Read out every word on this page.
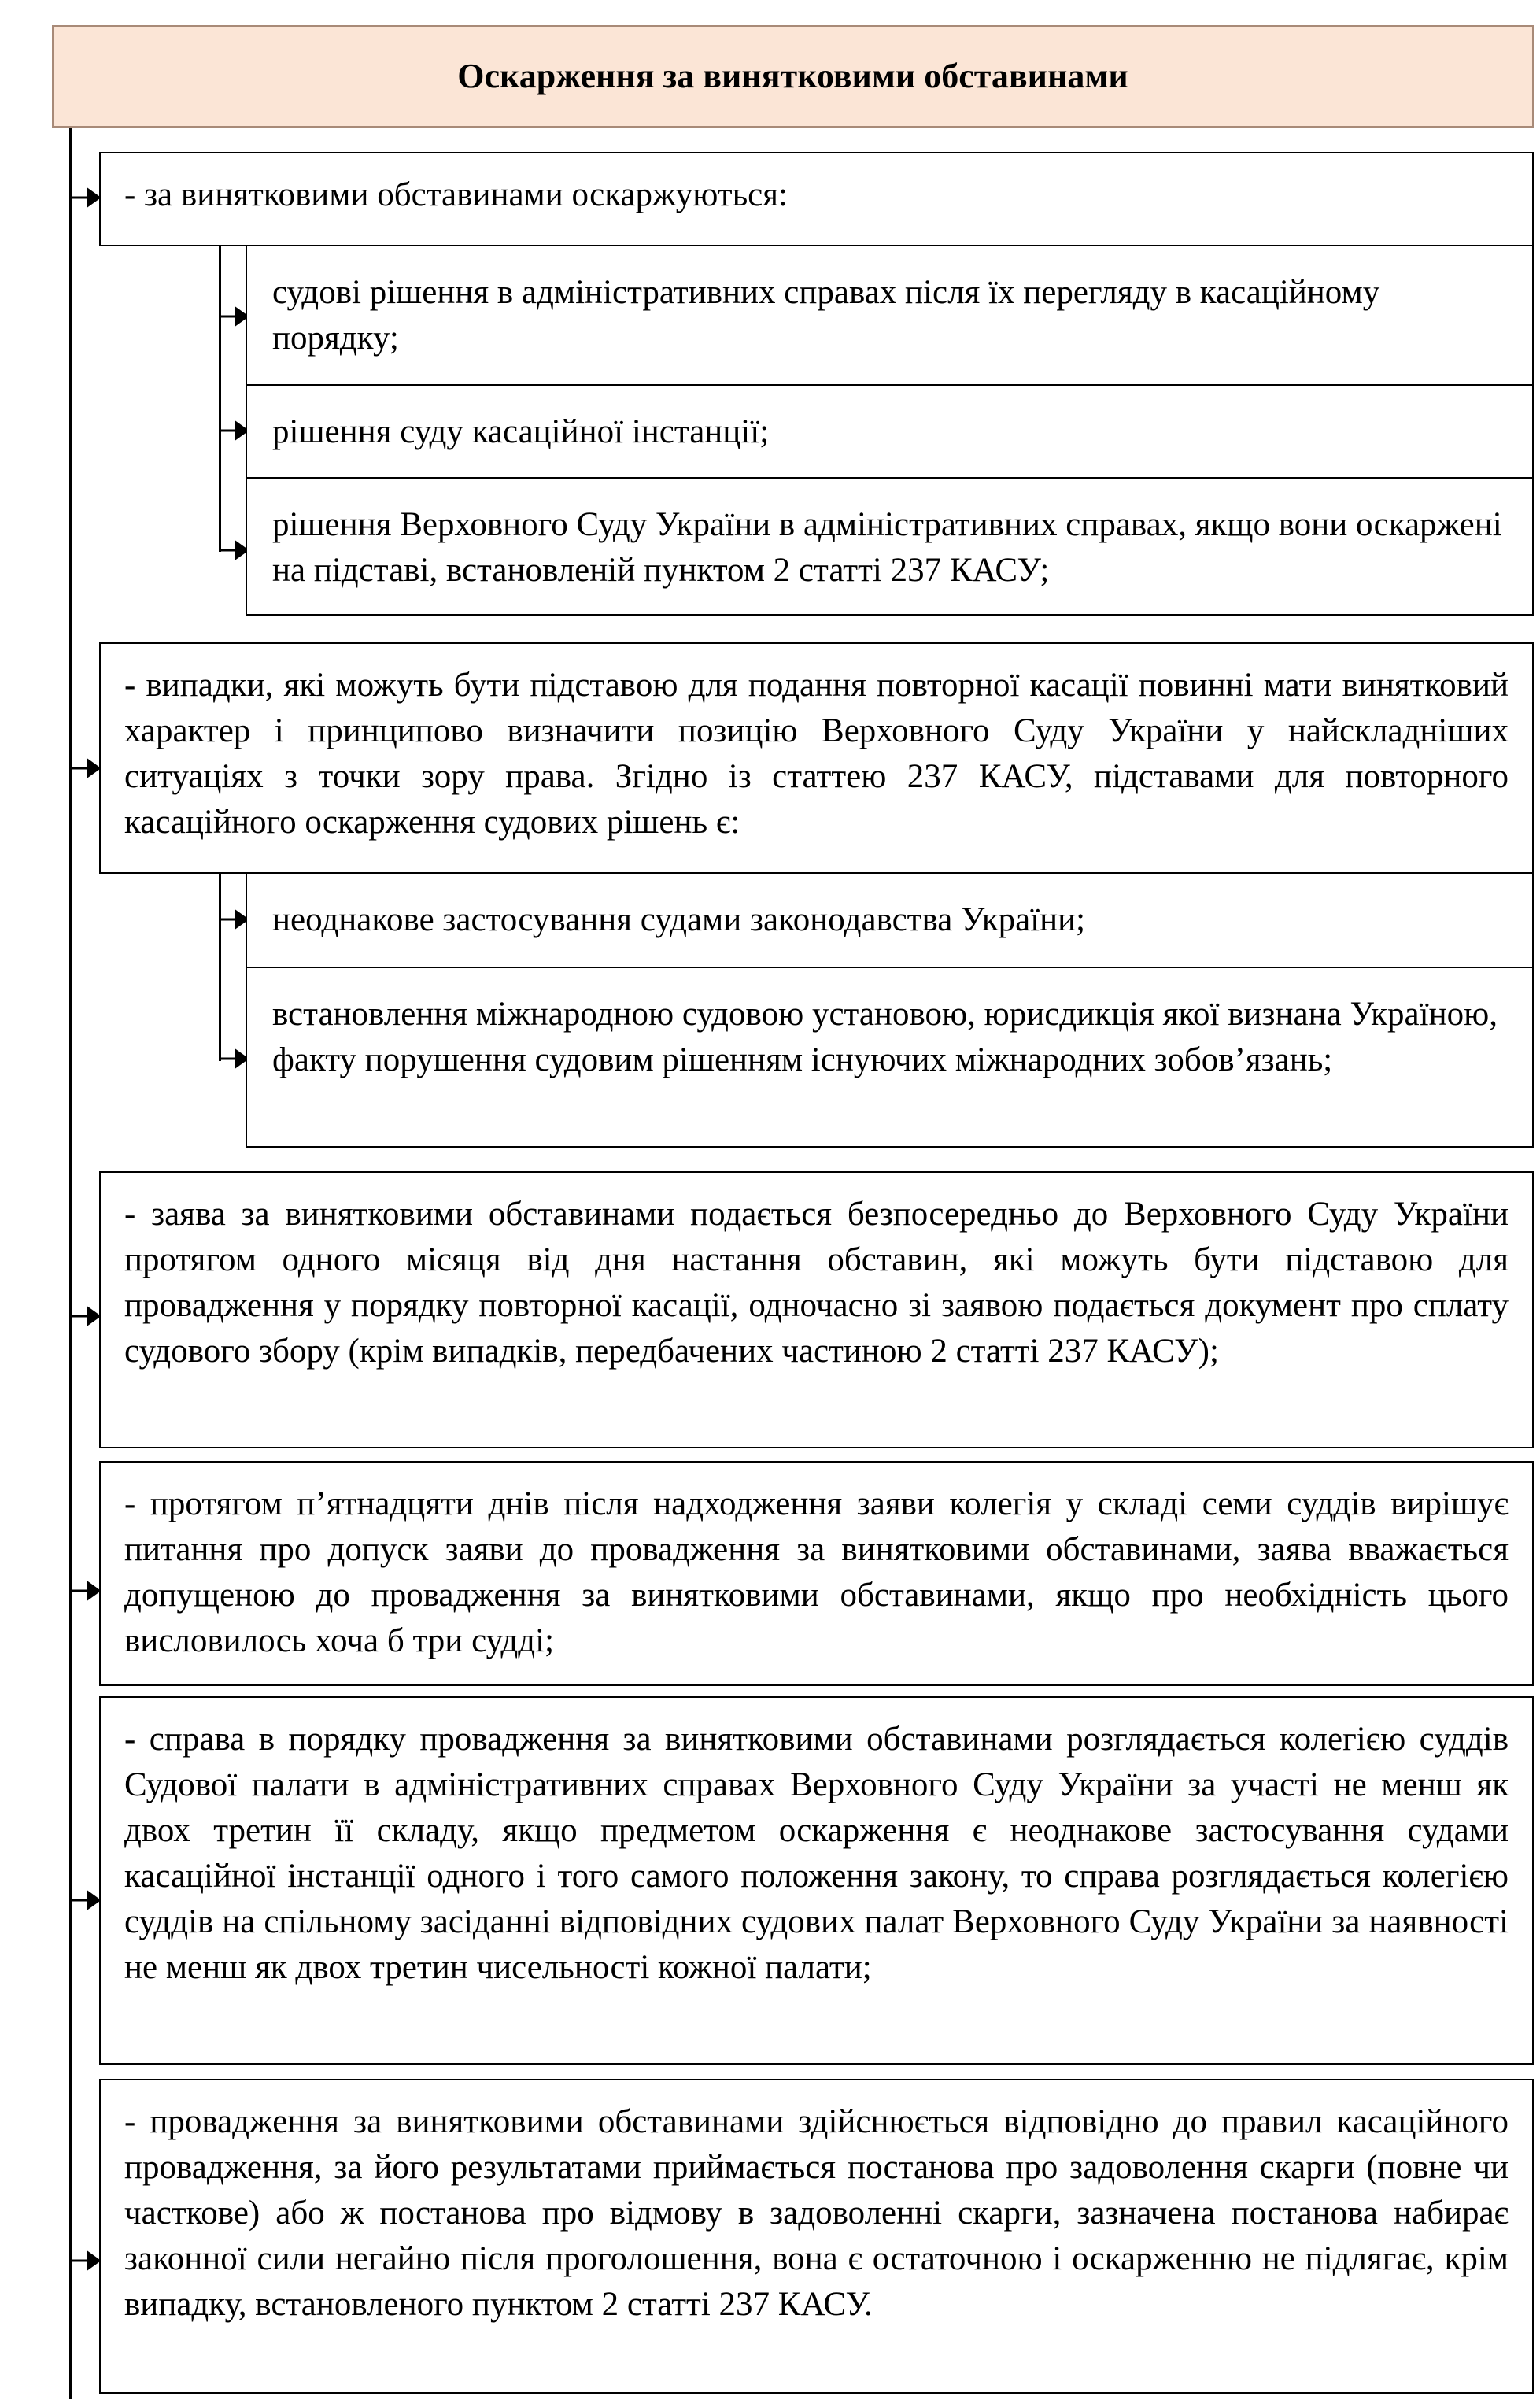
Оскарження за винятковими обставинами
- за винятковими обставинами оскаржуються:
судові рішення в адміністративних справах після їх перегляду в касаційному порядку;
рішення суду касаційної інстанції;
рішення Верховного Суду України в адміністративних справах, якщо вони оскаржені на підставі, встановленій пунктом 2 статті 237 КАСУ;
- випадки, які можуть бути підставою для подання повторної касації повинні мати винятковий характер і принципово визначити позицію Верховного Суду України у найскладніших ситуаціях з точки зору права. Згідно із статтею 237 КАСУ, підставами для повторного касаційного оскарження судових рішень є:
неоднакове застосування судами законодавства України;
встановлення міжнародною судовою установою, юрисдикція якої визнана Україною, факту порушення судовим рішенням існуючих міжнародних зобов’язань;
- заява за винятковими обставинами подається безпосередньо до Верховного Суду України протягом одного місяця від дня настання обставин, які можуть бути підставою для провадження у порядку повторної касації, одночасно зі заявою подається документ про сплату судового збору (крім випадків, передбачених частиною 2 статті 237 КАСУ);
- протягом п’ятнадцяти днів після надходження заяви колегія у складі семи суддів вирішує питання про допуск заяви до провадження за винятковими обставинами, заява вважається допущеною до провадження за винятковими обставинами, якщо про необхідність цього висловилось хоча б три судді;
- справа в порядку провадження за винятковими обставинами розглядається колегією суддів Судової палати в адміністративних справах Верховного Суду України за участі не менш як двох третин її складу, якщо предметом оскарження є неоднакове застосування судами касаційної інстанції одного і того самого положення закону, то справа розглядається колегією суддів на спільному засіданні відповідних судових палат Верховного Суду України за наявності не менш як двох третин чисельності кожної палати;
- провадження за винятковими обставинами здійснюється відповідно до правил касаційного провадження, за його результатами приймається постанова про задоволення скарги (повне чи часткове) або ж постанова про відмову в задоволенні скарги, зазначена постанова набирає законної сили негайно після проголошення, вона є остаточною і оскарженню не підлягає, крім випадку, встановленого пунктом 2 статті 237 КАСУ.
